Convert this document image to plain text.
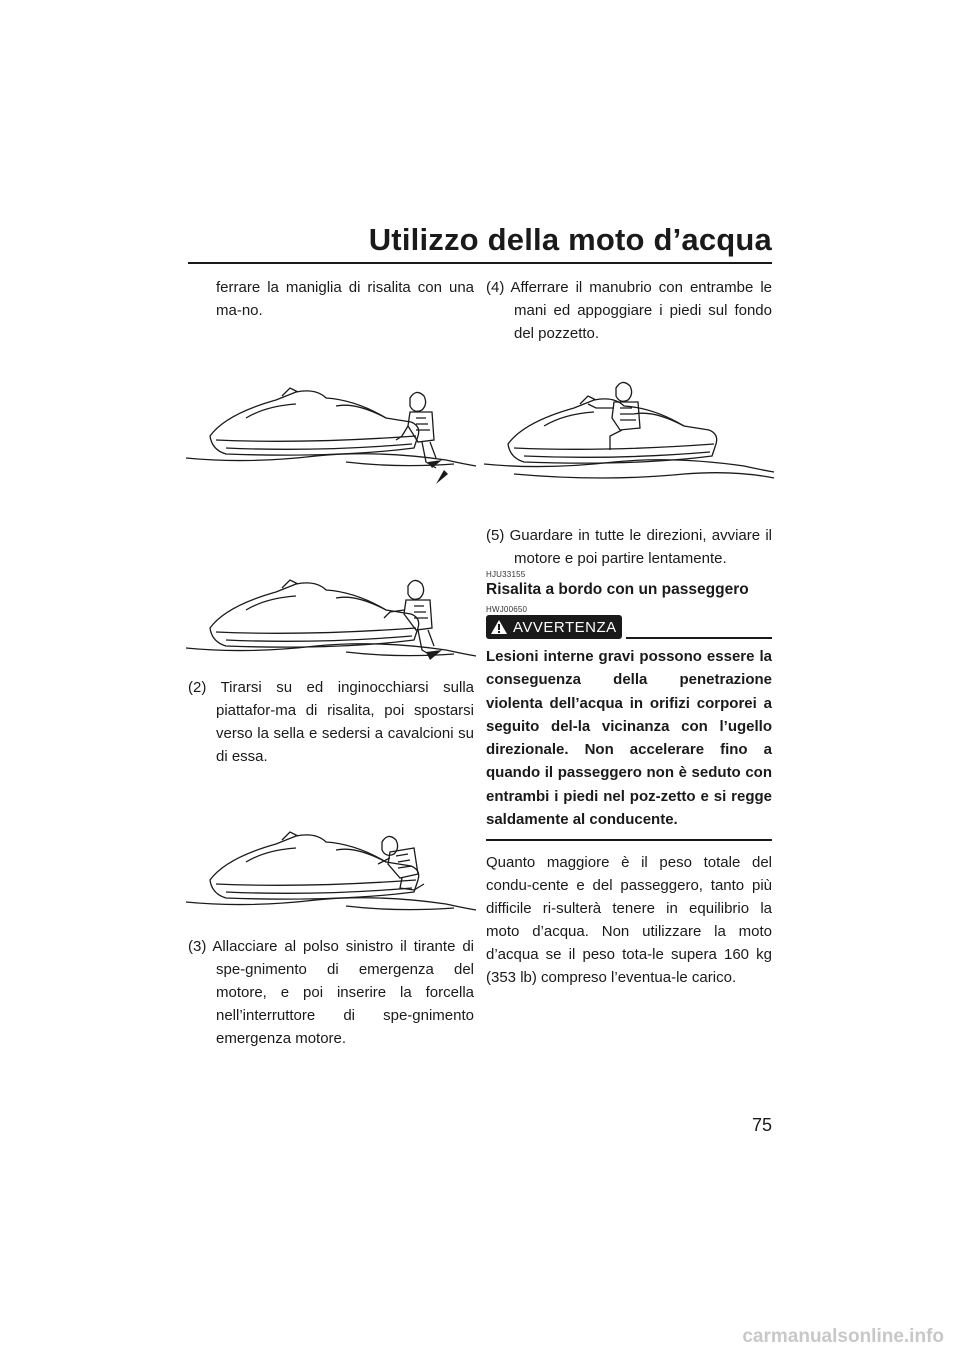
Utilizzo della moto d’acqua

ferrare la maniglia di risalita con una ma-no.

(2) Tirarsi su ed inginocchiarsi sulla piattafor-ma di risalita, poi spostarsi verso la sella e sedersi a cavalcioni su di essa.

(3) Allacciare al polso sinistro il tirante di spe-gnimento di emergenza del motore, e poi inserire la forcella nell’interruttore di spe-gnimento emergenza motore.

(4) Afferrare il manubrio con entrambe le mani ed appoggiare i piedi sul fondo del pozzetto.

(5) Guardare in tutte le direzioni, avviare il motore e poi partire lentamente.

HJU33155
Risalita a bordo con un passeggero
HWJ00650
AVVERTENZA

Lesioni interne gravi possono essere la conseguenza della penetrazione violenta dell’acqua in orifizi corporei a seguito del-la vicinanza con l’ugello direzionale. Non accelerare fino a quando il passeggero non è seduto con entrambi i piedi nel poz-zetto e si regge saldamente al conducente.

Quanto maggiore è il peso totale del condu-cente e del passeggero, tanto più difficile ri-sulterà tenere in equilibrio la moto d’acqua. Non utilizzare la moto d’acqua se il peso tota-le supera 160 kg (353 lb) compreso l’eventua-le carico.

75
carmanualsonline.info
